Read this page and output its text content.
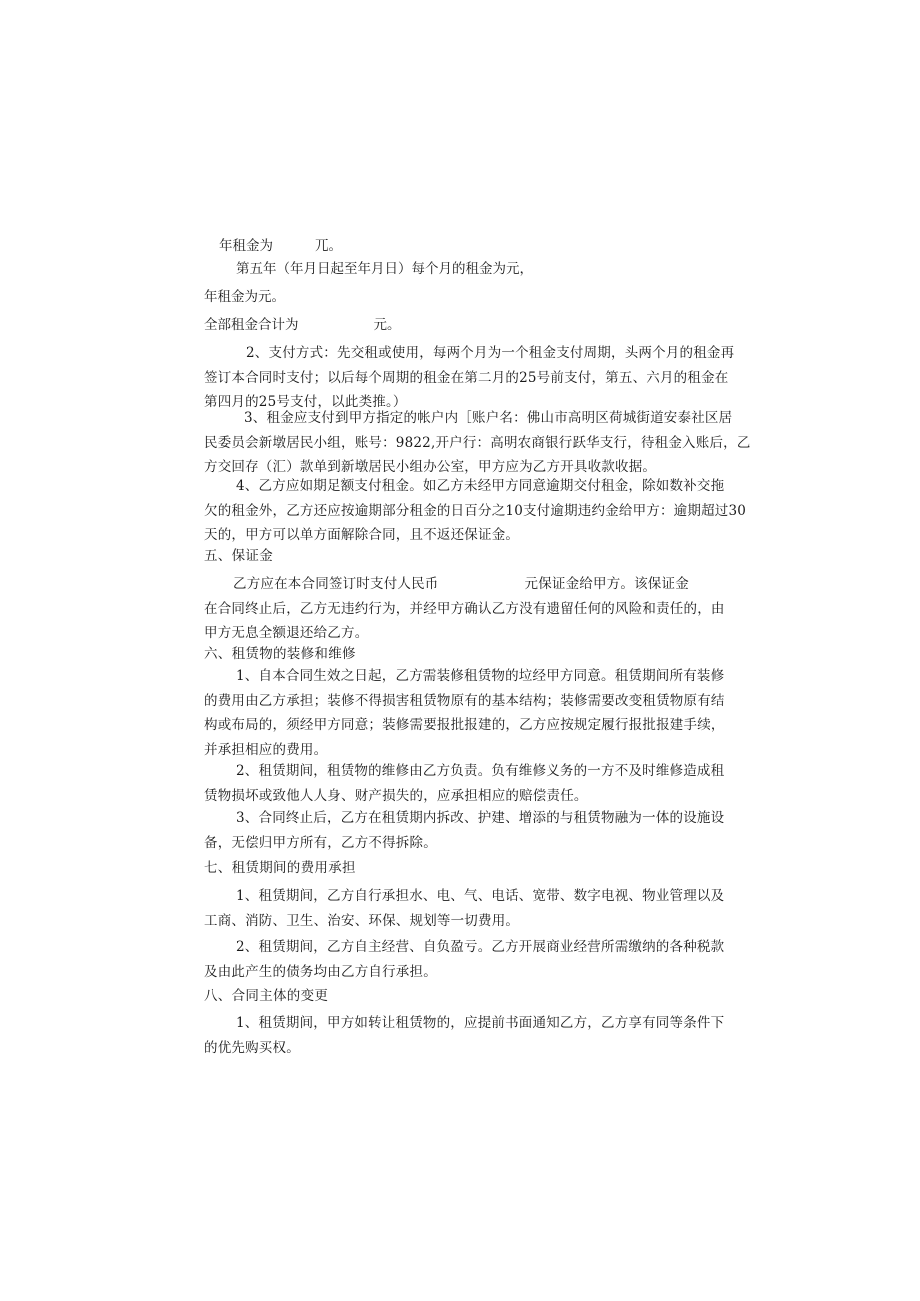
年租金为	兀。
第五年（年月日起至年月日）每个月的租金为元，
年租金为元。
全部租金合计为	元。
2、支付方式：先交租或使用，每两个月为一个租金支付周期，头两个月的租金再
签订本合同时支付；以后每个周期的租金在第二月的25号前支付，第五、六月的租金在
第四月的25号支付，以此类推。）
3、租金应支付到甲方指定的帐户内［账户名：佛山市高明区荷城街道安泰社区居
民委员会新墩居民小组，账号：9822,开户行：高明农商银行跃华支行，待租金入账后，乙
方交回存（汇）款单到新墩居民小组办公室，甲方应为乙方开具收款收据。
4、乙方应如期足额支付租金。如乙方未经甲方同意逾期交付租金，除如数补交拖
欠的租金外，乙方还应按逾期部分租金的日百分之10支付逾期违约金给甲方：逾期超过30
天的，甲方可以单方面解除合同，且不返还保证金。
五、保证金
乙方应在本合同签订时支付人民币	元保证金给甲方。该保证金
在合同终止后，乙方无违约行为，并经甲方确认乙方没有遗留任何的风险和责任的，由
甲方无息全额退还给乙方。
六、租赁物的装修和维修
1、自本合同生效之日起，乙方需装修租赁物的垃经甲方同意。租赁期间所有装修
的费用由乙方承担；装修不得损害租赁物原有的基本结构；装修需要改变租赁物原有结
构或布局的，须经甲方同意；装修需要报批报建的，乙方应按规定履行报批报建手续，
并承担相应的费用。
2、租赁期间，租赁物的维修由乙方负责。负有维修义务的一方不及时维修造成租
赁物损坏或致他人人身、财产损失的，应承担相应的赔偿责任。
3、合同终止后，乙方在租赁期内拆改、护建、增添的与租赁物融为一体的设施设
备，无偿归甲方所有，乙方不得拆除。
七、租赁期间的费用承担
1、租赁期间，乙方自行承担水、电、气、电话、宽带、数字电视、物业管理以及
工商、消防、卫生、治安、环保、规划等一切费用。
2、租赁期间，乙方自主经营、自负盈亏。乙方开展商业经营所需缴纳的各种税款
及由此产生的债务均由乙方自行承担。
八、合同主体的变更
1、租赁期间，甲方如转让租赁物的，应提前书面通知乙方，乙方享有同等条件下
的优先购买权。
